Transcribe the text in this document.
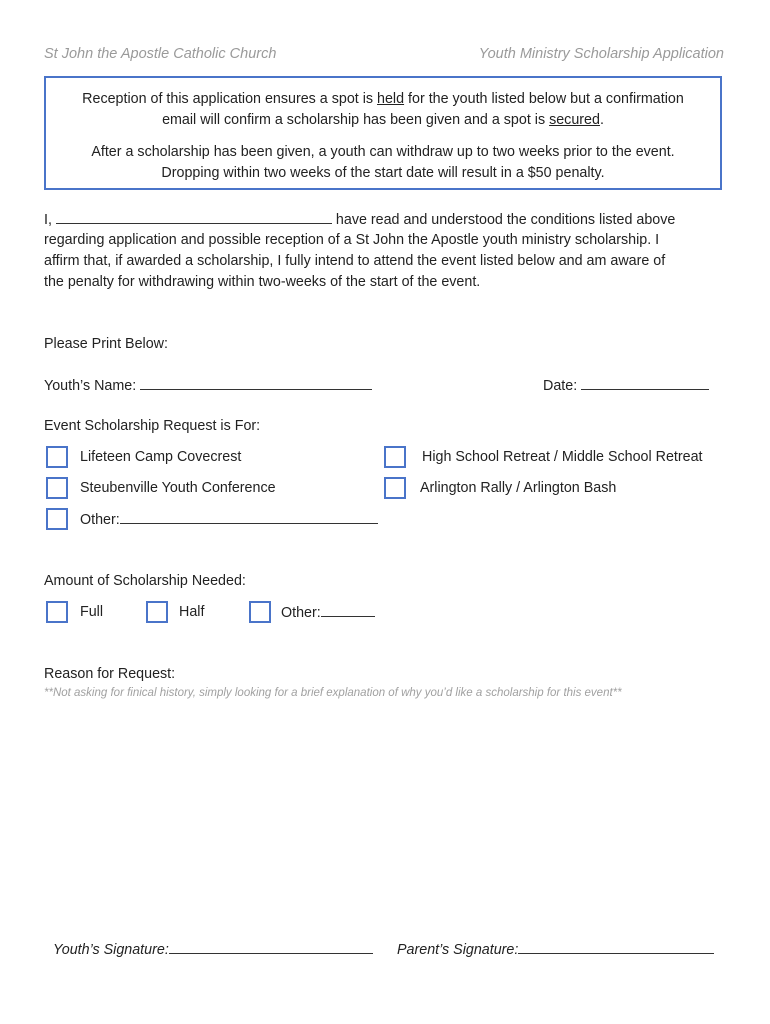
St John the Apostle Catholic Church	Youth Ministry Scholarship Application

Reception of this application ensures a spot is held for the youth listed below but a confirmation
email will confirm a scholarship has been given and a spot is secured.

After a scholarship has been given, a youth can withdraw up to two weeks prior to the event.
Dropping within two weeks of the start date will result in a $50 penalty.

I,	have read and understood the conditions listed above
regarding application and possible reception of a St John the Apostle youth ministry scholarship. I
affirm that, if awarded a scholarship, I fully intend to attend the event listed below and am aware of
the penalty for withdrawing within two-weeks of the start of the event.
Please Print Below:
Youth’s Name:	Date:
Event Scholarship Request is For:
Lifeteen Camp Covecrest	High School Retreat / Middle School Retreat
Steubenville Youth Conference	Arlington Rally / Arlington Bash
Other:
Amount of Scholarship Needed:
Full	Half	Other:
Reason for Request:
**Not asking for finical history, simply looking for a brief explanation of why you’d like a scholarship for this event**
Youth’s Signature:	Parent’s Signature:
